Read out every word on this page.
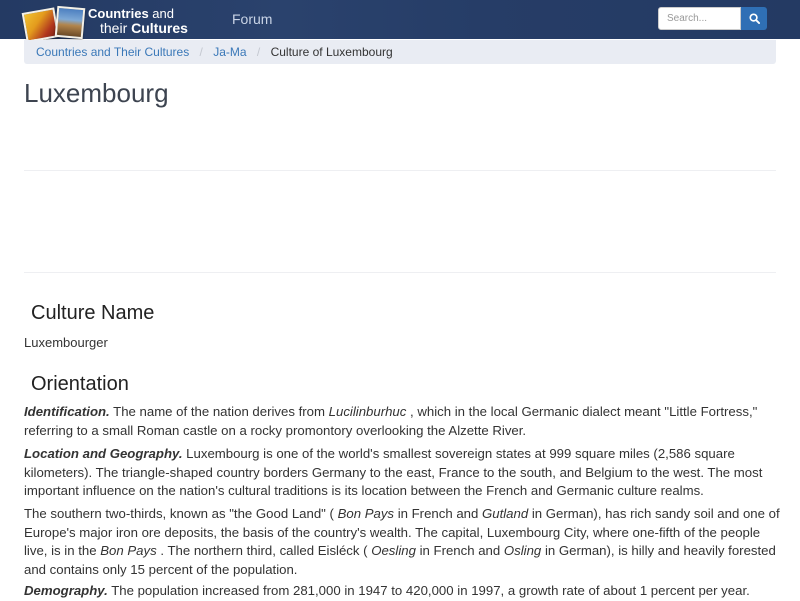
Countries and
their Cultures
Forum
Search...
Countries and Their Cultures / Ja-Ma / Culture of Luxembourg
Luxembourg
Culture Name
Luxembourger
Orientation

Identification. The name of the nation derives from Lucilinburhuc , which in the local Germanic dialect meant "Little Fortress," referring to a small Roman castle on a rocky promontory overlooking the Alzette River.

Location and Geography. Luxembourg is one of the world's smallest sovereign states at 999 square miles (2,586 square kilometers). The triangle-shaped country borders Germany to the east, France to the south, and Belgium to the west. The most important influence on the nation's cultural traditions is its location between the French and Germanic culture realms.

The southern two-thirds, known as "the Good Land" ( Bon Pays in French and Gutland in German), has rich sandy soil and one of Europe's major iron ore deposits, the basis of the country's wealth. The capital, Luxembourg City, where one-fifth of the people live, is in the Bon Pays . The northern third, called Eisléck ( Oesling in French and Osling in German), is hilly and heavily forested and contains only 15 percent of the population.

Demography. The population increased from 281,000 in 1947 to 420,000 in 1997, a growth rate of about 1 percent per year.
